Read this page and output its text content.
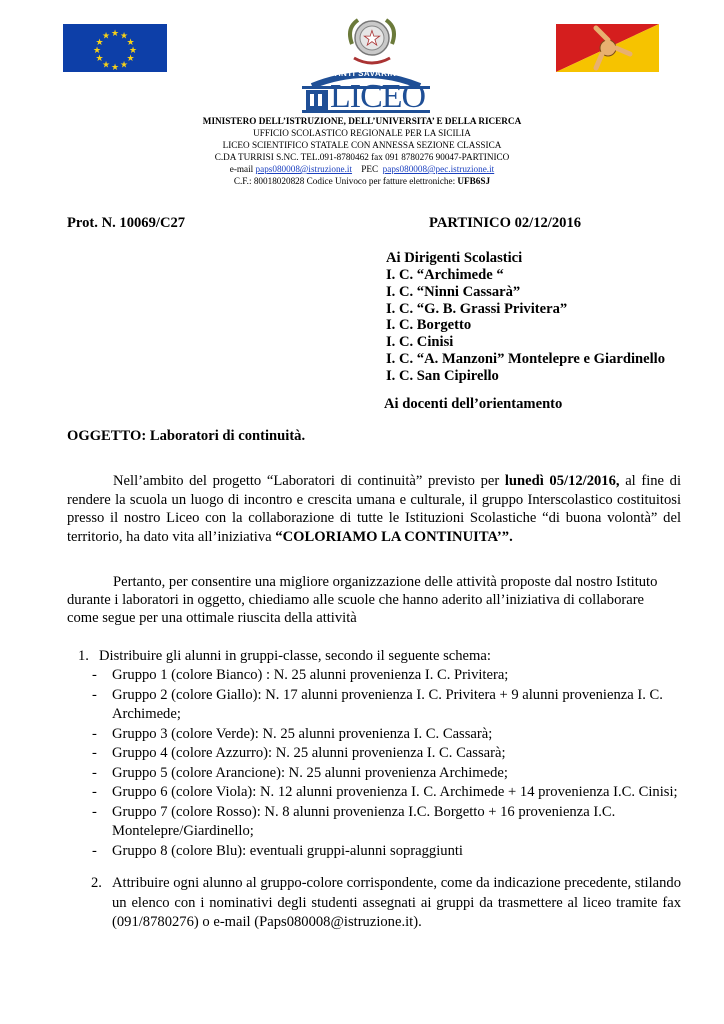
★ ★
★
★
★
★
★
★
★
★
★
★	★
SANTI SAVARINO
LICEO
MINISTERO DELL’ISTRUZIONE, DELL’UNIVERSITA’ E DELLA RICERCA
UFFICIO SCOLASTICO REGIONALE PER LA SICILIA
LICEO SCIENTIFICO STATALE CON ANNESSA SEZIONE CLASSICA
C.DA TURRISI S.NC. TEL.091-8780462 fax 091 8780276 90047-PARTINICO
e-mail paps080008@istruzione.it PEC paps080008@pec.istruzione.it
C.F.: 80018020828 Codice Univoco per fatture elettroniche: UFB6SJ
Prot. N. 10069/C27	PARTINICO 02/12/2016
Ai Dirigenti Scolastici
I. C. “Archimede “
I. C. “Ninni Cassarà”
I. C. “G. B. Grassi Privitera”
I. C. Borgetto
I. C. Cinisi
I. C. “A. Manzoni” Montelepre e Giardinello
I. C. San Cipirello
Ai docenti dell’orientamento
OGGETTO: Laboratori di continuità.
Nell’ambito del progetto “Laboratori di continuità” previsto per lunedì 05/12/2016, al fine di
rendere la scuola un luogo di incontro e crescita umana e culturale, il gruppo Interscolastico costituitosi
presso il nostro Liceo con la collaborazione di tutte le Istituzioni Scolastiche “di buona volontà” del
territorio, ha dato vita all’iniziativa “COLORIAMO LA CONTINUITA’”.
Pertanto, per consentire una migliore organizzazione delle attività proposte dal nostro Istituto
durante i laboratori in oggetto, chiediamo alle scuole che hanno aderito all’iniziativa di collaborare
come segue per una ottimale riuscita della attività
1. Distribuire gli alunni in gruppi-classe, secondo il seguente schema:
- Gruppo 1 (colore Bianco) : N. 25 alunni provenienza I. C. Privitera;
- Gruppo 2 (colore Giallo): N. 17 alunni provenienza I. C. Privitera + 9 alunni provenienza I. C.
Archimede;
- Gruppo 3 (colore Verde): N. 25 alunni provenienza I. C. Cassarà;
- Gruppo 4 (colore Azzurro): N. 25 alunni provenienza I. C. Cassarà;
- Gruppo 5 (colore Arancione): N. 25 alunni provenienza Archimede;
- Gruppo 6 (colore Viola): N. 12 alunni provenienza I. C. Archimede + 14 provenienza I.C. Cinisi;
- Gruppo 7 (colore Rosso): N. 8 alunni provenienza I.C. Borgetto + 16 provenienza I.C.
Montelepre/Giardinello;
- Gruppo 8 (colore Blu): eventuali gruppi-alunni sopraggiunti
2. Attribuire ogni alunno al gruppo-colore corrispondente, come da indicazione precedente, stilando
un elenco con i nominativi degli studenti assegnati ai gruppi da trasmettere al liceo tramite fax
(091/8780276) o e-mail (Paps080008@istruzione.it).
